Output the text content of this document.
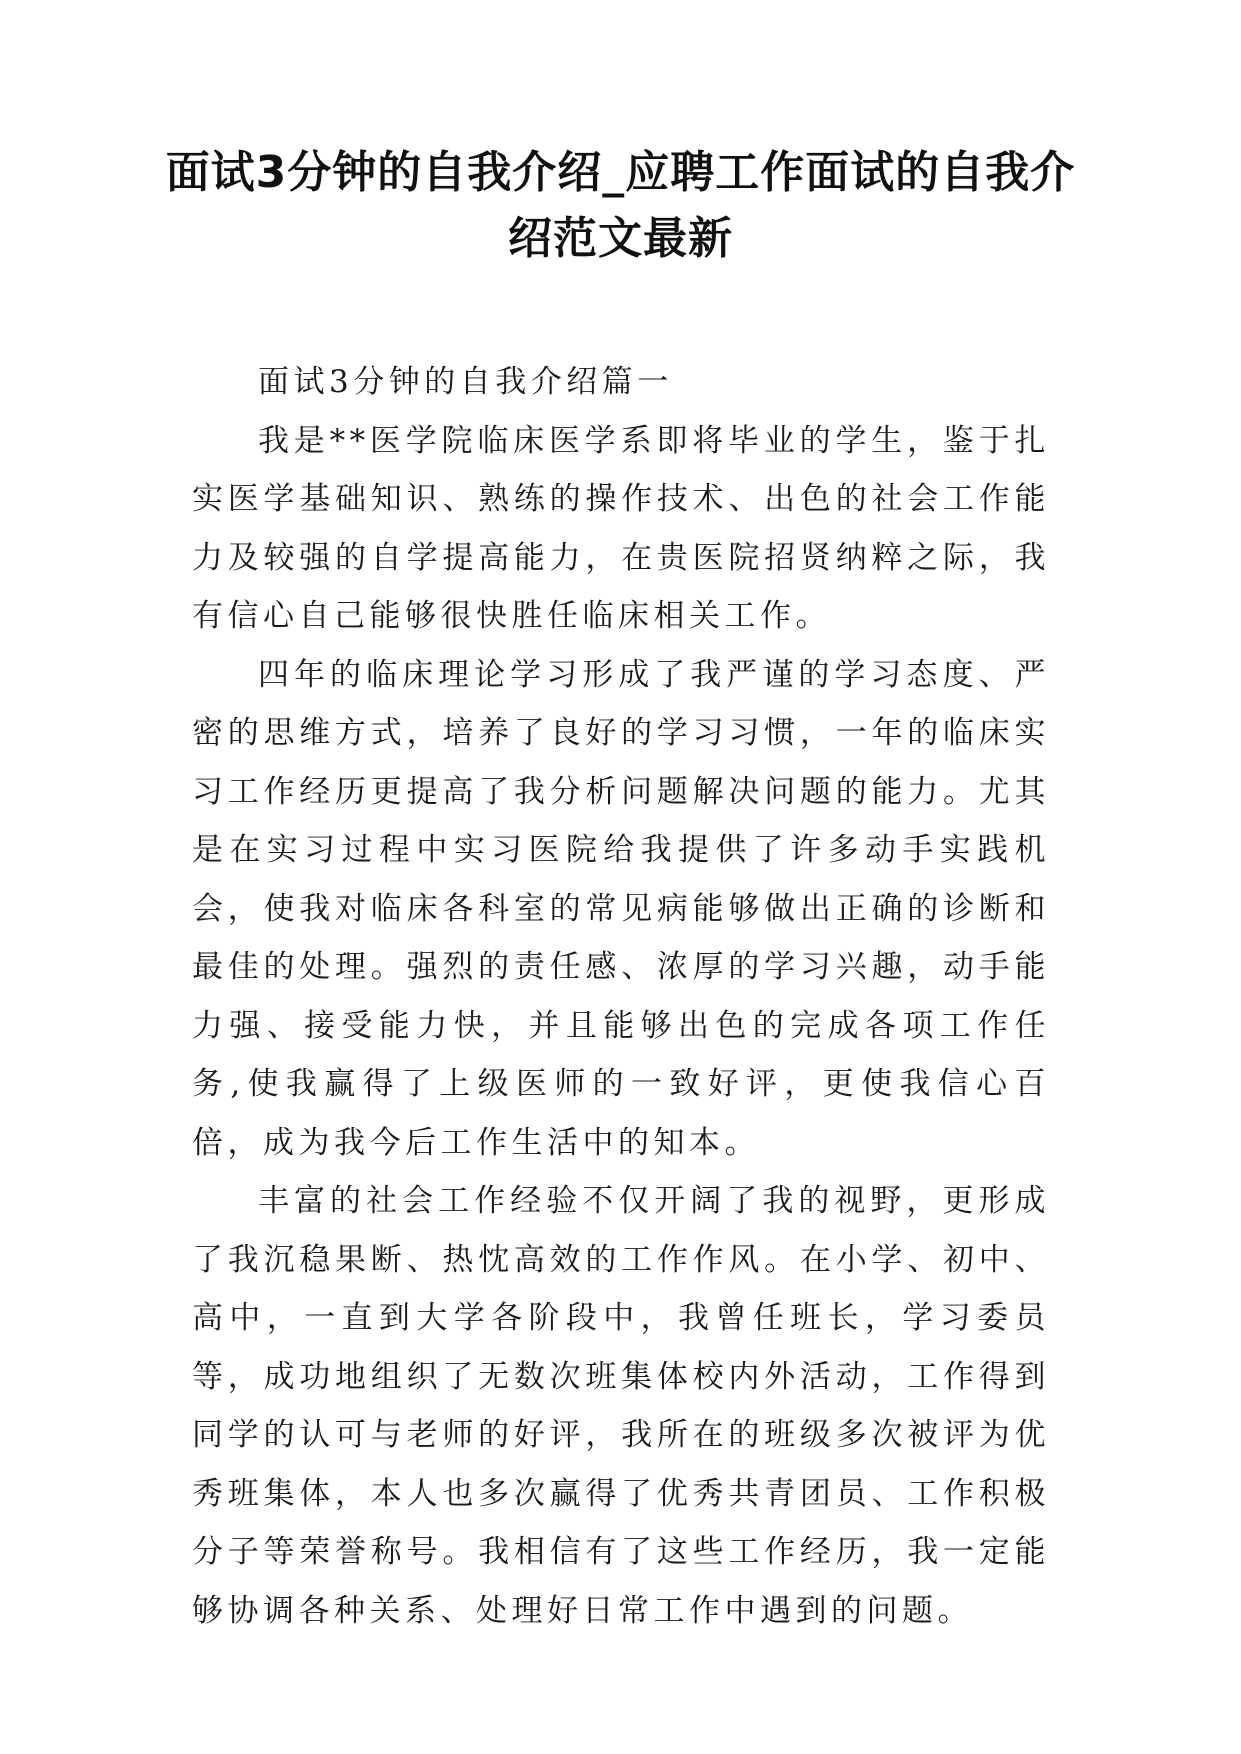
面试3分钟的自我介绍_应聘工作面试的自我介绍范文最新

面试3分钟的自我介绍篇一

我是**医学院临床医学系即将毕业的学生，鉴于扎实医学基础知识、熟练的操作技术、出色的社会工作能力及较强的自学提高能力，在贵医院招贤纳粹之际，我有信心自己能够很快胜任临床相关工作。

四年的临床理论学习形成了我严谨的学习态度、严密的思维方式，培养了良好的学习习惯，一年的临床实习工作经历更提高了我分析问题解决问题的能力。尤其是在实习过程中实习医院给我提供了许多动手实践机会，使我对临床各科室的常见病能够做出正确的诊断和最佳的处理。强烈的责任感、浓厚的学习兴趣，动手能力强、接受能力快，并且能够出色的完成各项工作任务,使我赢得了上级医师的一致好评，更使我信心百倍，成为我今后工作生活中的知本。

丰富的社会工作经验不仅开阔了我的视野，更形成了我沉稳果断、热忱高效的工作作风。在小学、初中、高中，一直到大学各阶段中，我曾任班长，学习委员等，成功地组织了无数次班集体校内外活动，工作得到同学的认可与老师的好评，我所在的班级多次被评为优秀班集体，本人也多次赢得了优秀共青团员、工作积极分子等荣誉称号。我相信有了这些工作经历，我一定能够协调各种关系、处理好日常工作中遇到的问题。
